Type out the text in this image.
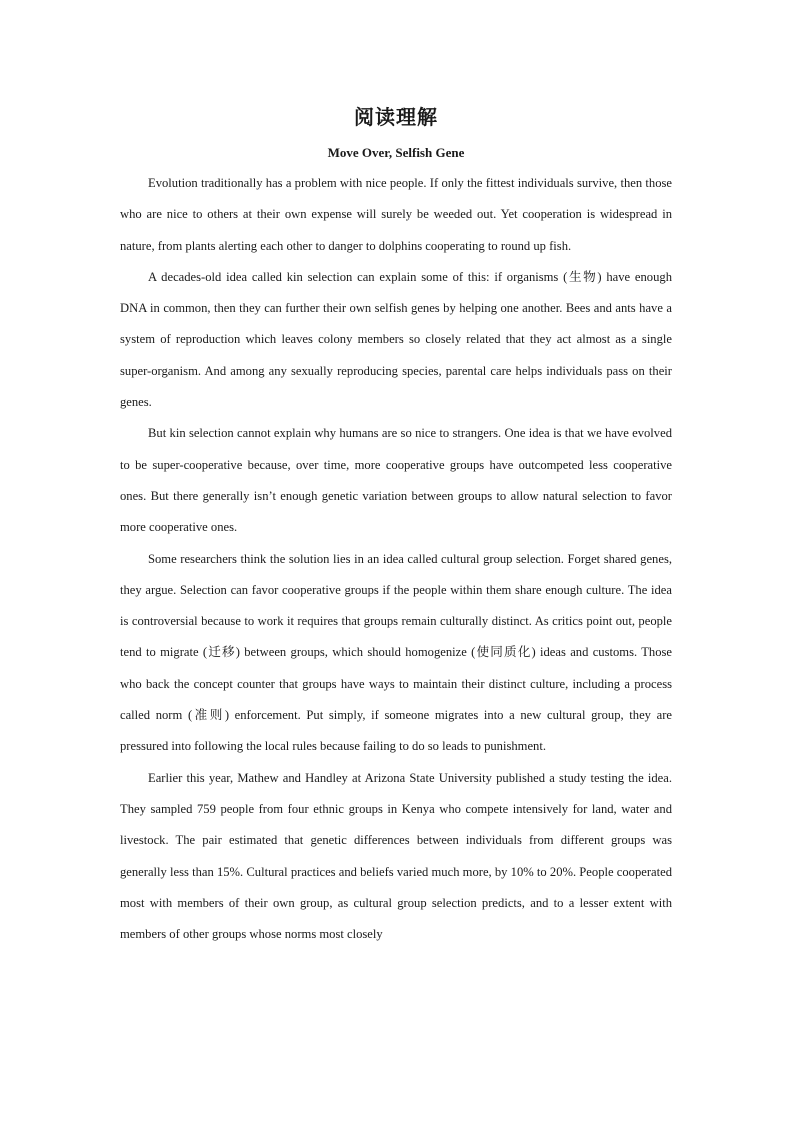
阅读理解
Move Over, Selfish Gene

Evolution traditionally has a problem with nice people. If only the fittest individuals survive, then those who are nice to others at their own expense will surely be weeded out. Yet cooperation is widespread in nature, from plants alerting each other to danger to dolphins cooperating to round up fish.

A decades-old idea called kin selection can explain some of this: if organisms (生物) have enough DNA in common, then they can further their own selfish genes by helping one another. Bees and ants have a system of reproduction which leaves colony members so closely related that they act almost as a single super-organism. And among any sexually reproducing species, parental care helps individuals pass on their genes.

But kin selection cannot explain why humans are so nice to strangers. One idea is that we have evolved to be super-cooperative because, over time, more cooperative groups have outcompeted less cooperative ones. But there generally isn’t enough genetic variation between groups to allow natural selection to favor more cooperative ones.

Some researchers think the solution lies in an idea called cultural group selection. Forget shared genes, they argue. Selection can favor cooperative groups if the people within them share enough culture. The idea is controversial because to work it requires that groups remain culturally distinct. As critics point out, people tend to migrate (迁移) between groups, which should homogenize (使同质化) ideas and customs. Those who back the concept counter that groups have ways to maintain their distinct culture, including a process called norm (准则) enforcement. Put simply, if someone migrates into a new cultural group, they are pressured into following the local rules because failing to do so leads to punishment.

Earlier this year, Mathew and Handley at Arizona State University published a study testing the idea. They sampled 759 people from four ethnic groups in Kenya who compete intensively for land, water and livestock. The pair estimated that genetic differences between individuals from different groups was generally less than 15%. Cultural practices and beliefs varied much more, by 10% to 20%. People cooperated most with members of their own group, as cultural group selection predicts, and to a lesser extent with members of other groups whose norms most closely
